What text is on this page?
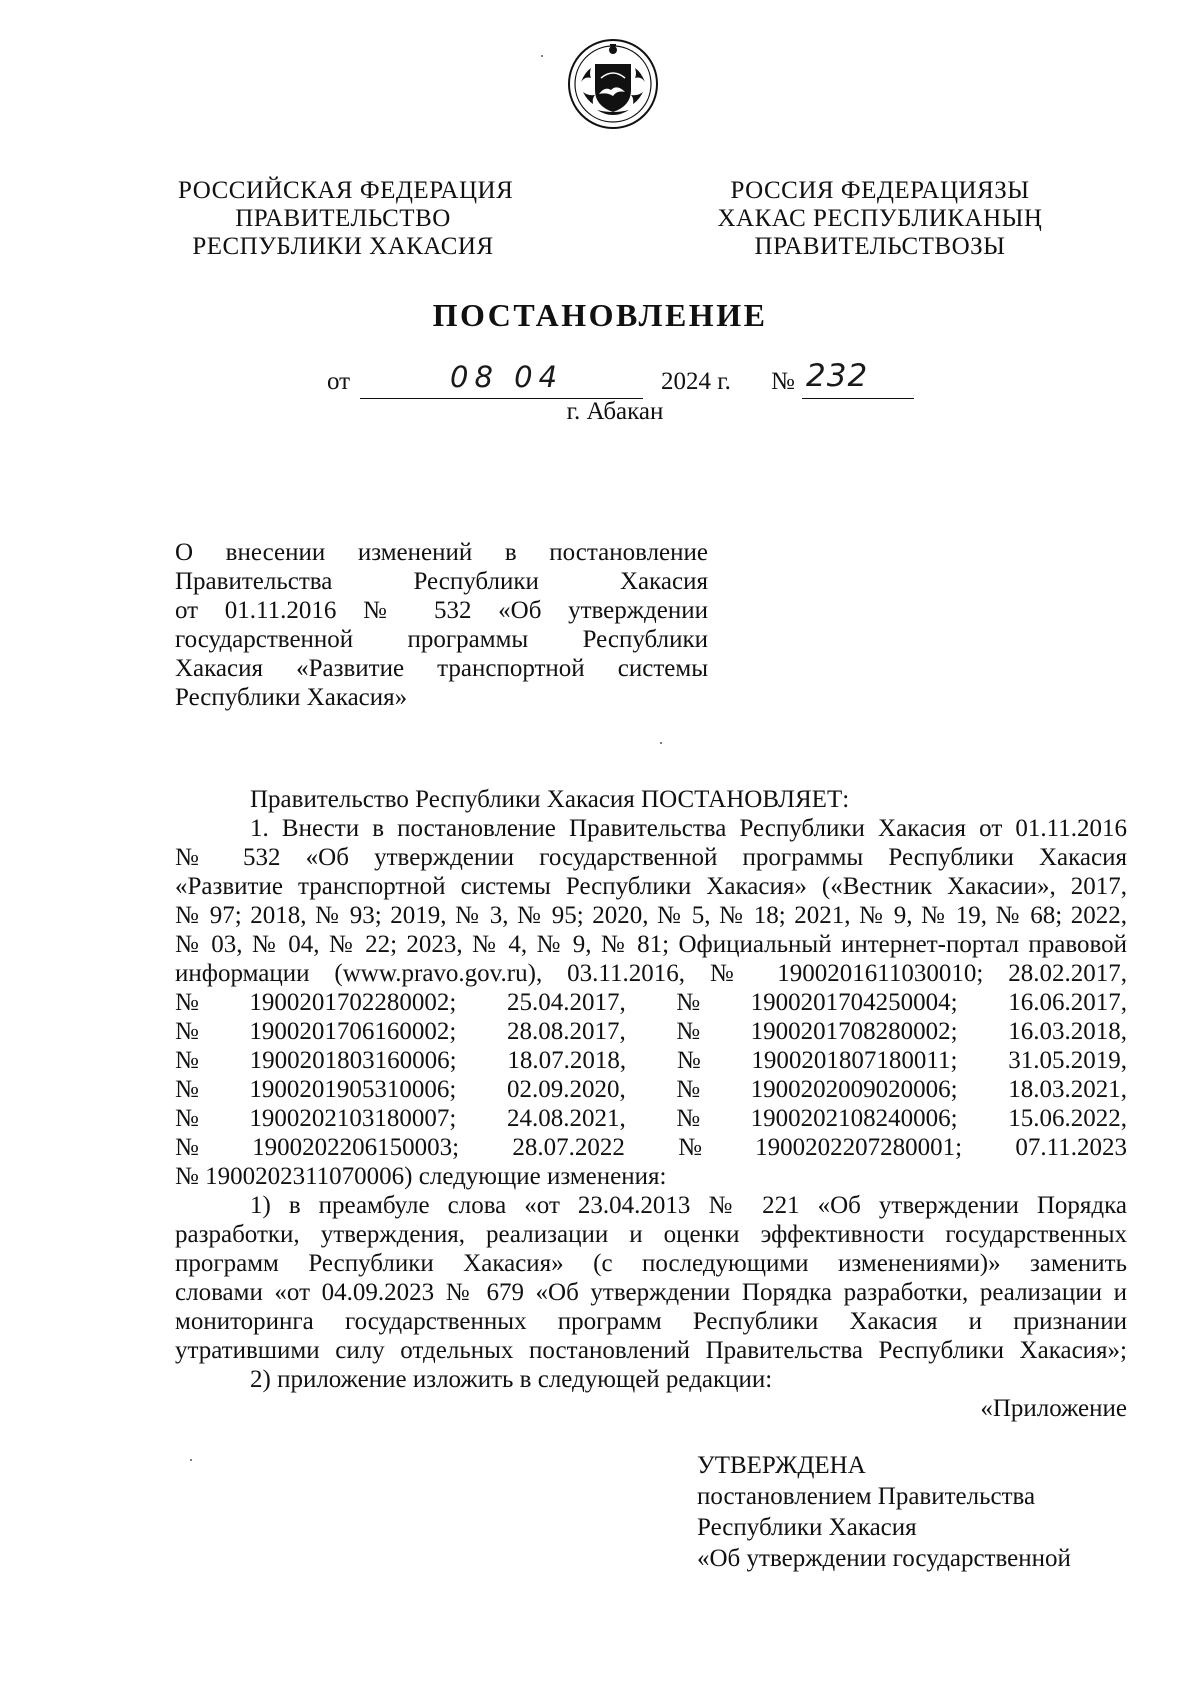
РОССИЙСКАЯ ФЕДЕРАЦИЯ
ПРАВИТЕЛЬСТВО
РЕСПУБЛИКИ ХАКАСИЯ
РОССИЯ ФЕДЕРАЦИЯЗЫ
ХАКАС РЕСПУБЛИКАНЫҢ
ПРАВИТЕЛЬСТВОЗЫ
ПОСТАНОВЛЕНИЕ
от	08 04	2024 г. № 232
г. Абакан
О внесении изменений в постановление
Правительства Республики Хакасия
от 01.11.2016 № 532 «Об утверждении
государственной программы Республики
Хакасия «Развитие транспортной системы
Республики Хакасия»
Правительство Республики Хакасия ПОСТАНОВЛЯЕТ:
1. Внести в постановление Правительства Республики Хакасия от 01.11.2016
№ 532 «Об утверждении государственной программы Республики Хакасия
«Развитие транспортной системы Республики Хакасия» («Вестник Хакасии», 2017,
№ 97; 2018, № 93; 2019, № 3, № 95; 2020, № 5, № 18; 2021, № 9, № 19, № 68; 2022,
№ 03, № 04, № 22; 2023, № 4, № 9, № 81; Официальный интернет-портал правовой
информации (www.pravo.gov.ru), 03.11.2016, № 1900201611030010; 28.02.2017,
№ 1900201702280002; 25.04.2017, № 1900201704250004; 16.06.2017,
№ 1900201706160002; 28.08.2017, № 1900201708280002; 16.03.2018,
№ 1900201803160006; 18.07.2018, № 1900201807180011; 31.05.2019,
№ 1900201905310006; 02.09.2020, № 1900202009020006; 18.03.2021,
№ 1900202103180007; 24.08.2021, № 1900202108240006; 15.06.2022,
№ 1900202206150003; 28.07.2022 № 1900202207280001; 07.11.2023
№ 1900202311070006) следующие изменения:
1) в преамбуле слова «от 23.04.2013 № 221 «Об утверждении Порядка
разработки, утверждения, реализации и оценки эффективности государственных
программ Республики Хакасия» (с последующими изменениями)» заменить
словами «от 04.09.2023 № 679 «Об утверждении Порядка разработки, реализации и
мониторинга государственных программ Республики Хакасия и признании
утратившими силу отдельных постановлений Правительства Республики Хакасия»;
2) приложение изложить в следующей редакции:
«Приложение
УТВЕРЖДЕНА
постановлением Правительства
Республики Хакасия
«Об утверждении государственной
